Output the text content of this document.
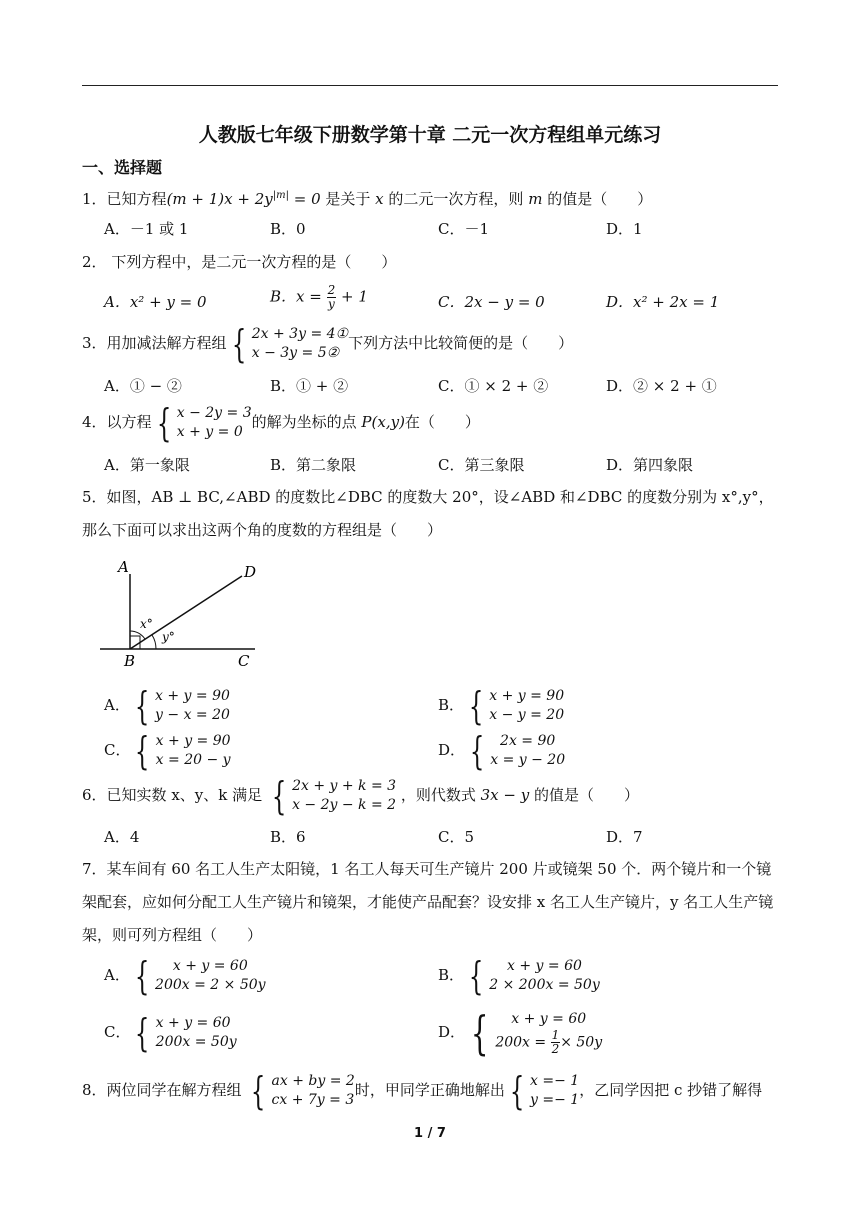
人教版七年级下册数学第十章 二元一次方程组单元练习
一、选择题
1．已知方程$(m + 1)x + 2y^{|m|} = 0$ 是关于 x 的二元一次方程，则 m 的值是（　　）
A．－1 或 1	B．0	C．－1	D．1
2． 下列方程中，是二元一次方程的是（　　）
A．x² + y = 0	B．$x = \frac{2}{y} + 1$	C．2x − y = 0	D．x² + 2x = 1
3．用加减法解方程组 { 2x + 3y = 4①
x − 3y = 5②
下列方法中比较简便的是（　　）
A．① − ②	B．① + ②	C．① × 2 + ②	D．② × 2 + ①
4．以方程 { x − 2y = 3
x + y = 0
的解为坐标的点 P(x,y)在（　　）
A．第一象限	B．第二象限	C．第三象限	D．第四象限
5．如图，AB ⊥ BC,∠ABD 的度数比∠DBC 的度数大 20°，设∠ABD 和∠DBC 的度数分别为 x°,y°，那么下面可以求出这两个角的度数的方程组是（　　）
A
B	C
D
x°
y°
A． { x + y = 90
y − x = 20
B． { x + y = 90
x − y = 20
C． { x + y = 90
x = 20 − y
D． { 2x = 90
x = y − 20
6．已知实数 x、y、k 满足 { 2x + y + k = 3
x − 2y − k = 2
，则代数式 3x − y 的值是（　　）
A．4	B．6	C．5	D．7
7．某车间有 60 名工人生产太阳镜，1 名工人每天可生产镜片 200 片或镜架 50 个．两个镜片和一个镜架配套，应如何分配工人生产镜片和镜架，才能使产品配套？设安排 x 名工人生产镜片，y 名工人生产镜架，则可列方程组（　　）
A． { x + y = 60
200x = 2 × 50y
B． { x + y = 60
2 × 200x = 50y
C． { x + y = 60
200x = 50y
D． { x + y = 60
$200x = \frac{1}{2} \times 50y$
8．两位同学在解方程组 { ax + by = 2
cx + 7y = 3
时，甲同学正确地解出 { x =− 1
y =− 1
，乙同学因把 c 抄错了解得
1 / 7
